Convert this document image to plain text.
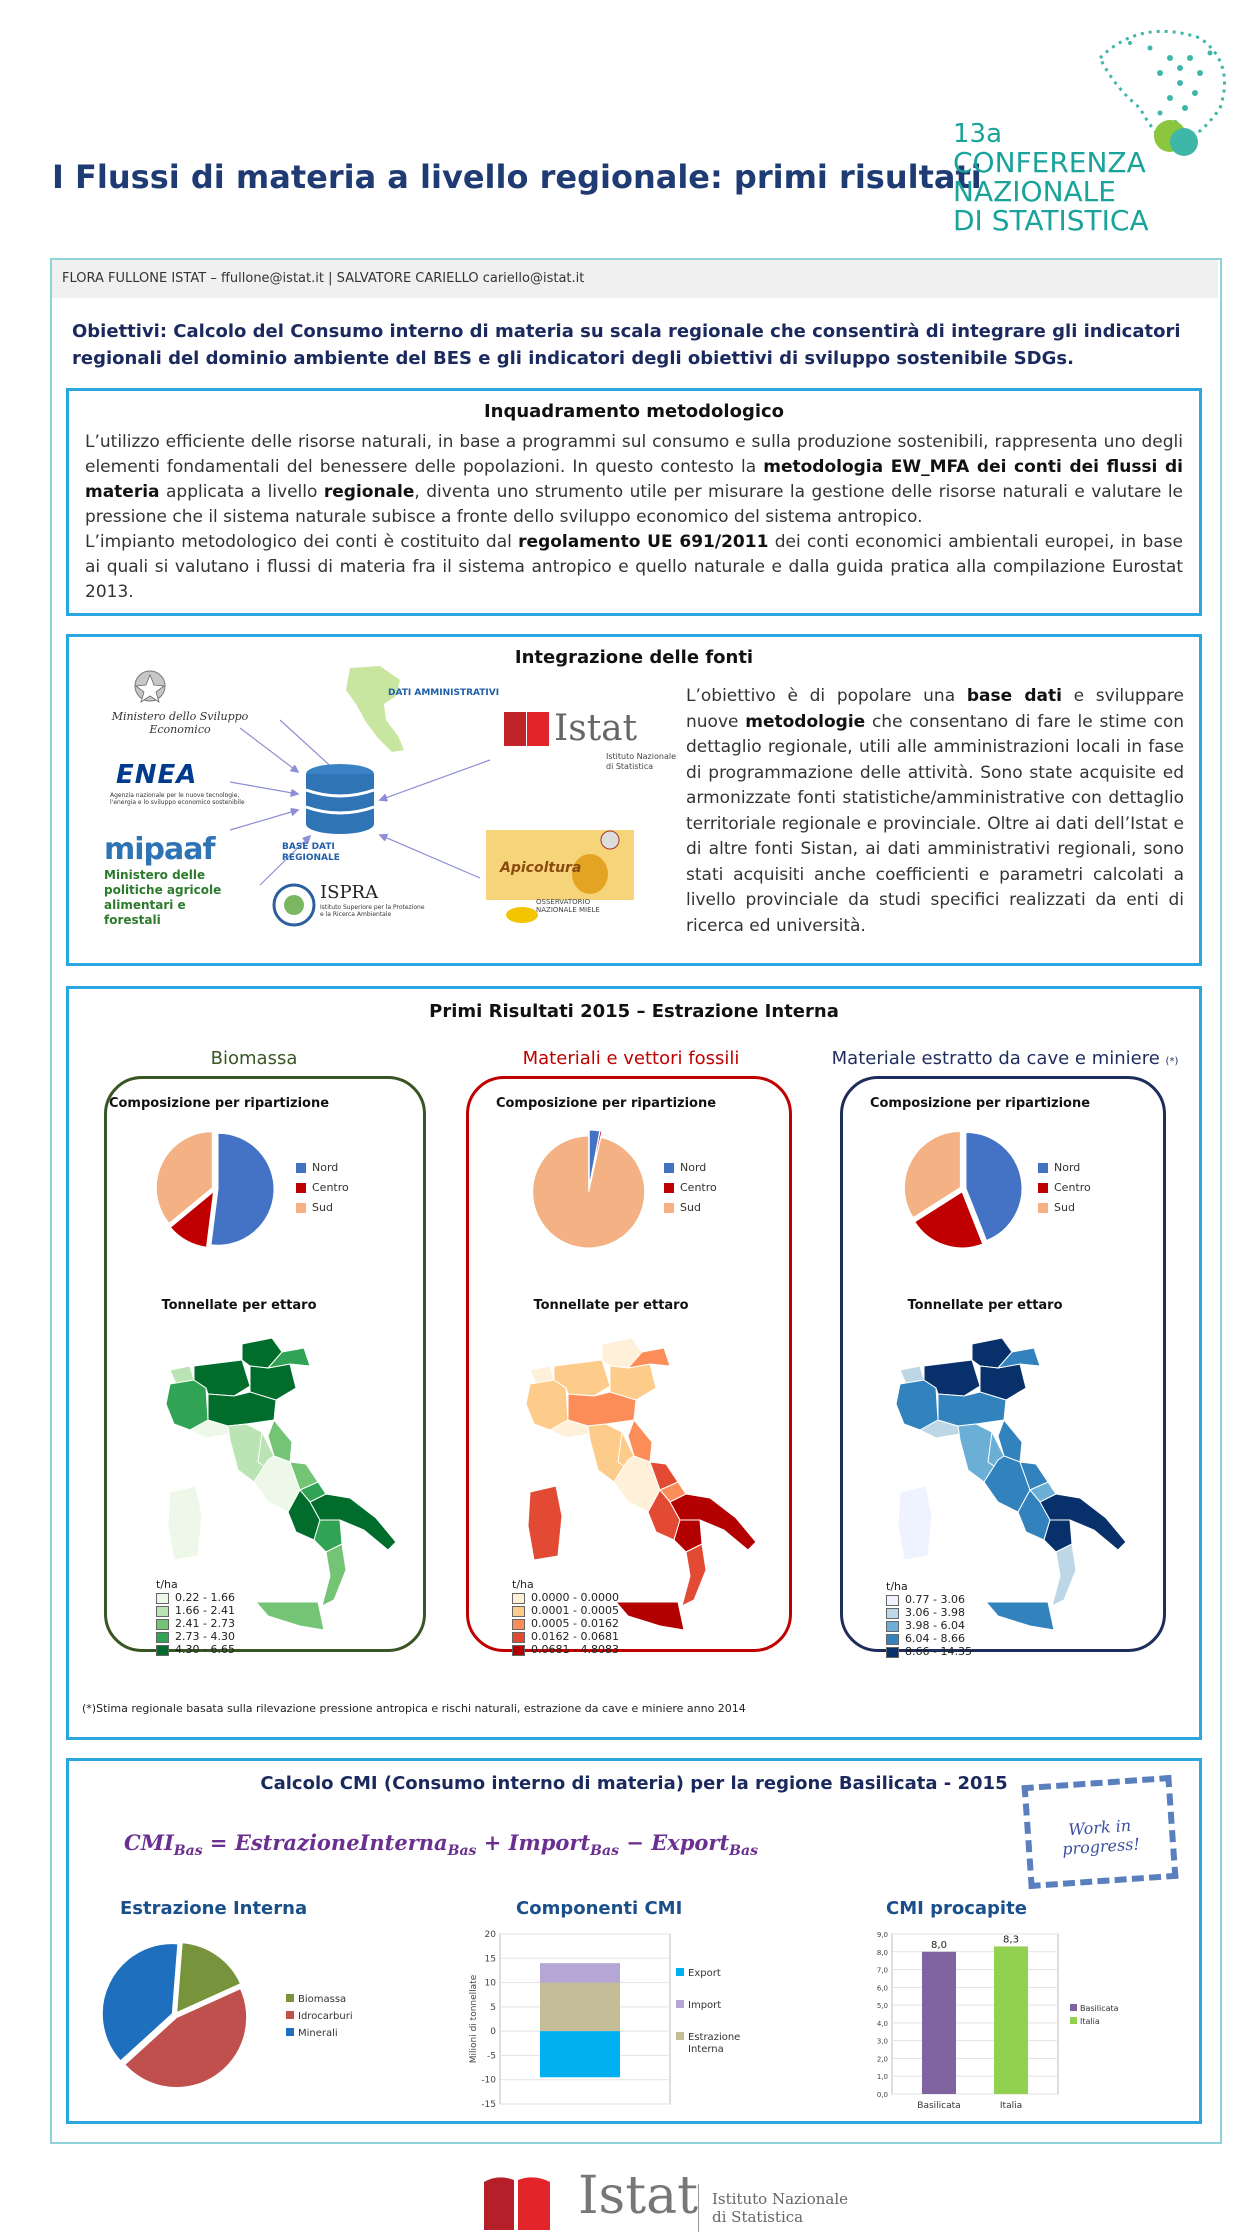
I Flussi di materia a livello regionale: primi risultati
13a
CONFERENZA
NAZIONALE
DI STATISTICA
FLORA FULLONE ISTAT – ffullone@istat.it | SALVATORE CARIELLO cariello@istat.it
Obiettivi: Calcolo del Consumo interno di materia su scala regionale che consentirà di integrare gli indicatori regionali del dominio ambiente del BES e gli indicatori degli obiettivi di sviluppo sostenibile SDGs.
Inquadramento metodologico
L’utilizzo efficiente delle risorse naturali, in base a programmi sul consumo e sulla produzione sostenibili, rappresenta uno degli elementi fondamentali del benessere delle popolazioni. In questo contesto la metodologia EW_MFA dei conti dei flussi di materia applicata a livello regionale, diventa uno strumento utile per misurare la gestione delle risorse naturali e valutare le pressione che il sistema naturale subisce a fronte dello sviluppo economico del sistema antropico.
L’impianto metodologico dei conti è costituito dal regolamento UE 691/2011 dei conti economici ambientali europei, in base ai quali si valutano i flussi di materia fra il sistema antropico e quello naturale e dalla guida pratica alla compilazione Eurostat 2013.
Integrazione delle fonti
Ministero dello Sviluppo Economico
DATI AMMINISTRATIVI
ENEA
Agenzia nazionale per le nuove tecnologie, l'energia e lo sviluppo economico sostenibile
Istat
Istituto Nazionale di Statistica
BASE DATI REGIONALE
mipaaf
Ministero delle politiche agricole alimentari e forestali
ISPRA
Istituto Superiore per la Protezione e la Ricerca Ambientale
Apicoltura
OSSERVATORIO NAZIONALE MIELE
L’obiettivo è di popolare una base dati e sviluppare nuove metodologie che consentano di fare le stime con dettaglio regionale, utili alle amministrazioni locali in fase di programmazione delle attività. Sono state acquisite ed armonizzate fonti statistiche/amministrative con dettaglio territoriale regionale e provinciale. Oltre ai dati dell’Istat e di altre fonti Sistan, ai dati amministrativi regionali, sono stati acquisiti anche coefficienti e parametri calcolati a livello provinciale da studi specifici realizzati da enti di ricerca ed università.
Primi Risultati 2015 – Estrazione Interna
Biomassa	Materiali e vettori fossili	Materiale estratto da cave e miniere (*)
Composizione per ripartizione	Composizione per ripartizione	Composizione per ripartizione
Nord
Centro
Sud
Nord
Centro
Sud
Nord
Centro
Sud
Tonnellate per ettaro	Tonnellate per ettaro	Tonnellate per ettaro
t/ha
0.22 - 1.66
1.66 - 2.41
2.41 - 2.73
2.73 - 4.30
4.30 - 6.65
t/ha
0.0000 - 0.0000
0.0001 - 0.0005
0.0005 - 0.0162
0.0162 - 0.0681
0.0681 - 4.8083
t/ha
0.77 - 3.06
3.06 - 3.98
3.98 - 6.04
6.04 - 8.66
8.66 - 14.35
(*)Stima regionale basata sulla rilevazione pressione antropica e rischi naturali, estrazione da cave e miniere anno 2014
Calcolo CMI (Consumo interno di materia) per la regione Basilicata - 2015
$CMI_{Bas}$ = EstrazioneInterna$_{Bas}$ + Import$_{Bas}$ − Export$_{Bas}$
Work in progress!
Estrazione Interna	Componenti CMI	CMI procapite
Biomassa
Idrocarburi
Minerali
-15
-10
-5
0
5
10
15
20
Milioni di tonnellate
Export
Import
Estrazione
Interna
0,0
1,0
2,0
3,0
4,0
5,0
6,0
7,0
8,0
9,0
8,0
Basilicata
8,3
Italia
Basilicata
Italia
Istat Istituto Nazionale
di Statistica
